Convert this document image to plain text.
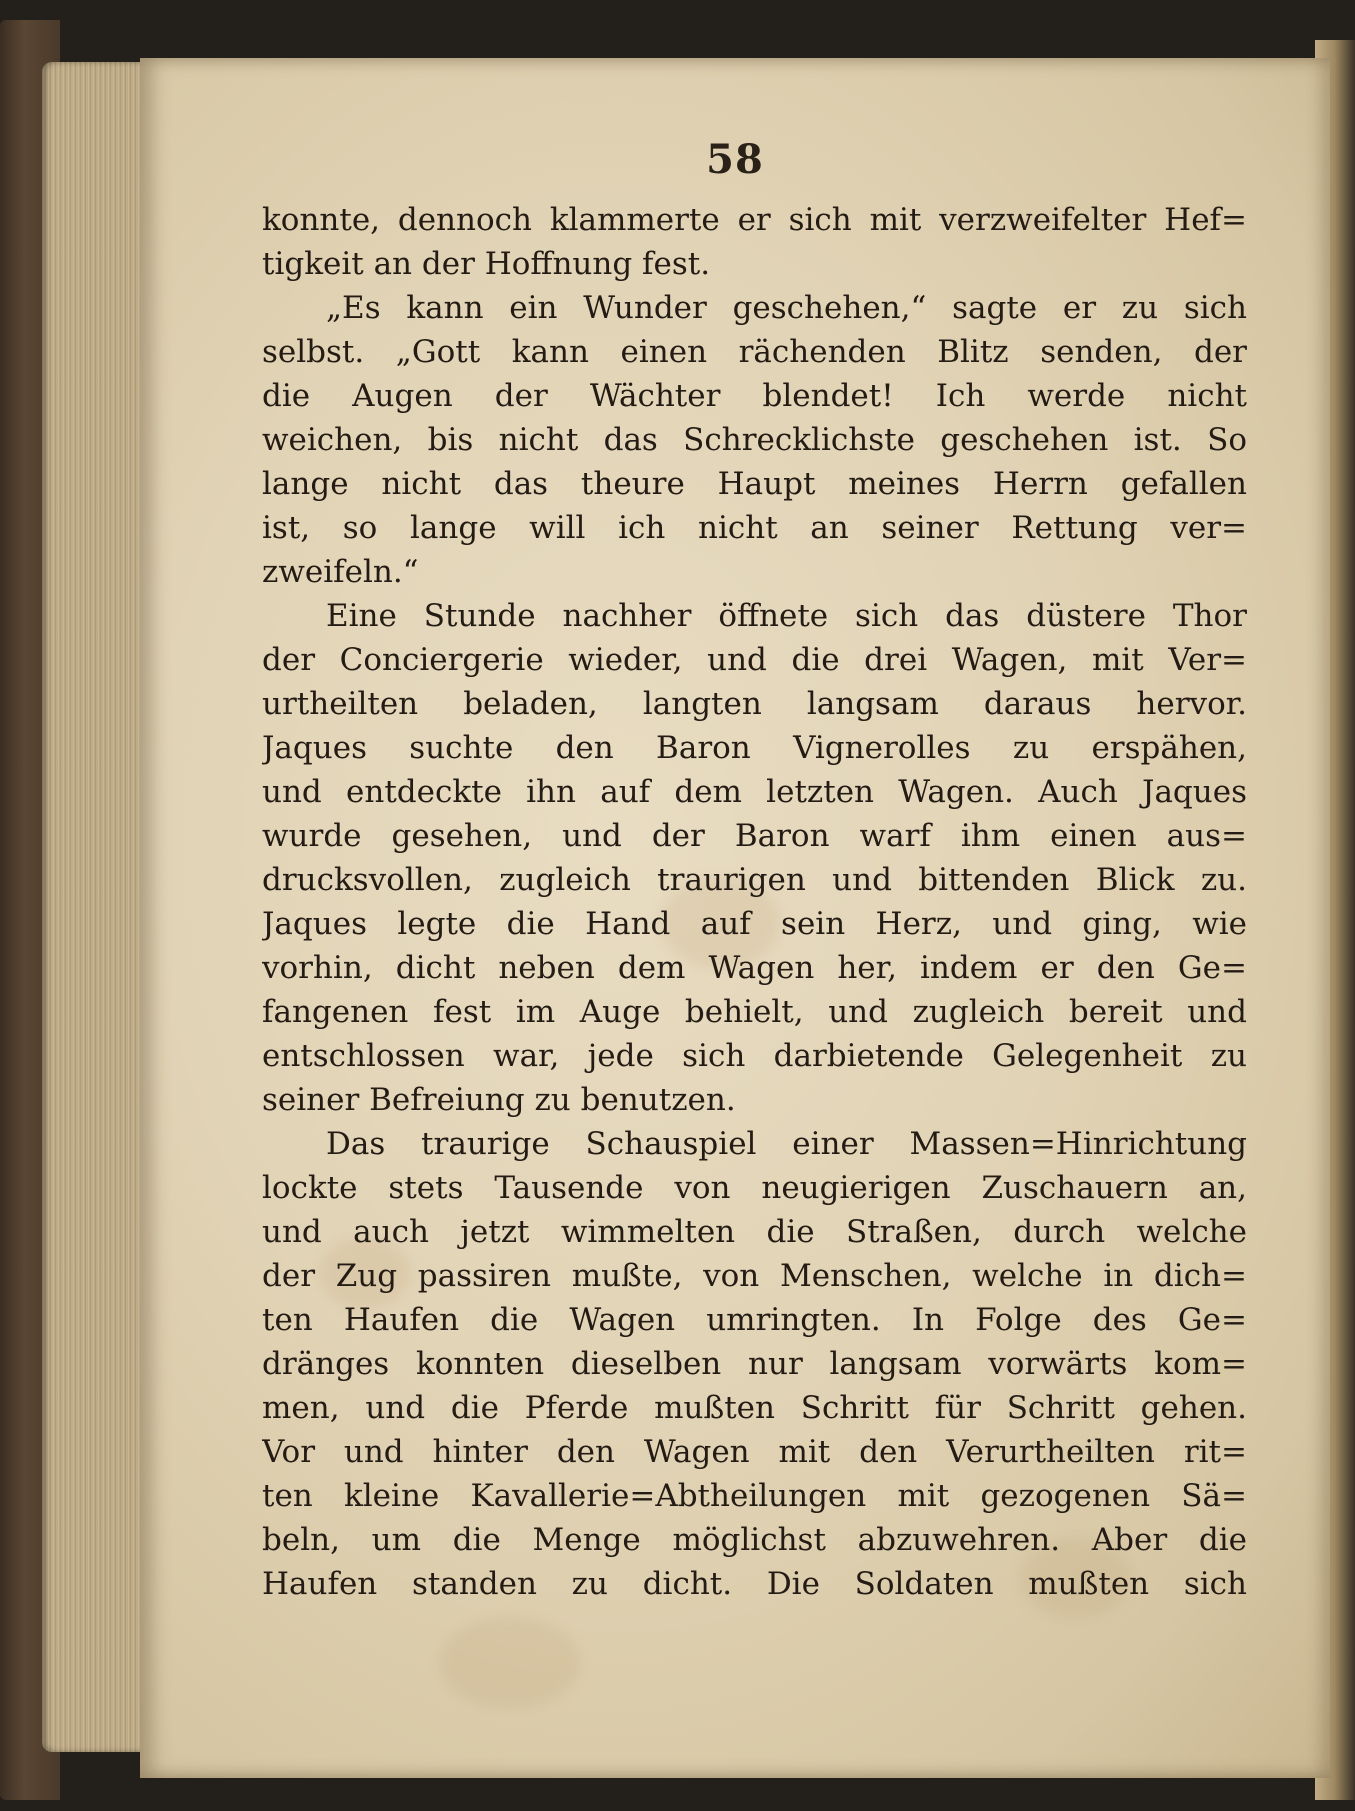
58
konnte, dennoch klammerte er sich mit verzweifelter Hef=
tigkeit an der Hoffnung fest.
„Es kann ein Wunder geschehen,“ sagte er zu sich
selbst. „Gott kann einen rächenden Blitz senden, der
die Augen der Wächter blendet! Ich werde nicht
weichen, bis nicht das Schrecklichste geschehen ist. So
lange nicht das theure Haupt meines Herrn gefallen
ist, so lange will ich nicht an seiner Rettung ver=
zweifeln.“
Eine Stunde nachher öffnete sich das düstere Thor
der Conciergerie wieder, und die drei Wagen, mit Ver=
urtheilten beladen, langten langsam daraus hervor.
Jaques suchte den Baron Vignerolles zu erspähen,
und entdeckte ihn auf dem letzten Wagen. Auch Jaques
wurde gesehen, und der Baron warf ihm einen aus=
drucksvollen, zugleich traurigen und bittenden Blick zu.
Jaques legte die Hand auf sein Herz, und ging, wie
vorhin, dicht neben dem Wagen her, indem er den Ge=
fangenen fest im Auge behielt, und zugleich bereit und
entschlossen war, jede sich darbietende Gelegenheit zu
seiner Befreiung zu benutzen.
Das traurige Schauspiel einer Massen=Hinrichtung
lockte stets Tausende von neugierigen Zuschauern an,
und auch jetzt wimmelten die Straßen, durch welche
der Zug passiren mußte, von Menschen, welche in dich=
ten Haufen die Wagen umringten. In Folge des Ge=
dränges konnten dieselben nur langsam vorwärts kom=
men, und die Pferde mußten Schritt für Schritt gehen.
Vor und hinter den Wagen mit den Verurtheilten rit=
ten kleine Kavallerie=Abtheilungen mit gezogenen Sä=
beln, um die Menge möglichst abzuwehren. Aber die
Haufen standen zu dicht. Die Soldaten mußten sich
